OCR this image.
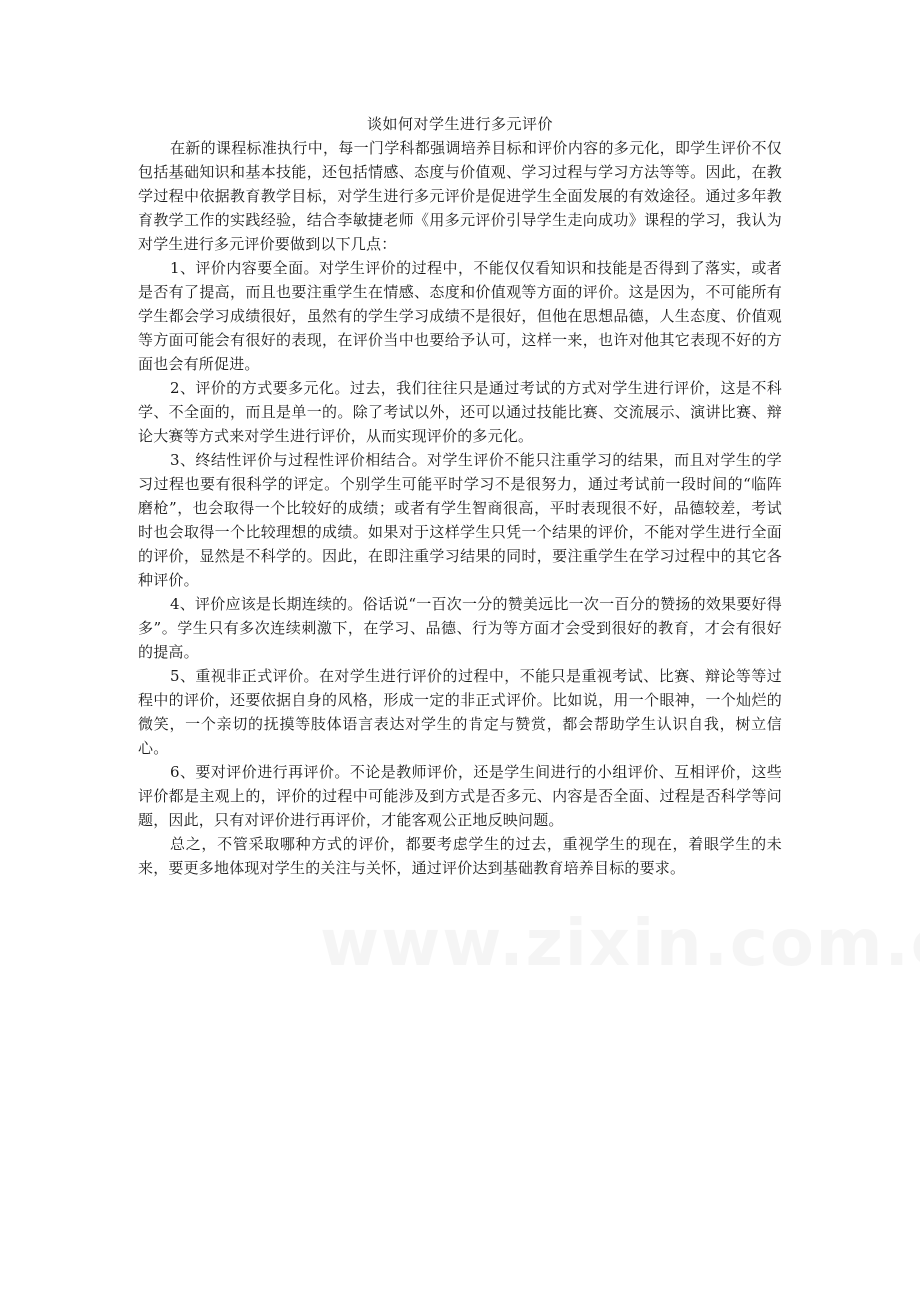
谈如何对学生进行多元评价

在新的课程标准执行中，每一门学科都强调培养目标和评价内容的多元化，即学生评价不仅包括基础知识和基本技能，还包括情感、态度与价值观、学习过程与学习方法等等。因此，在教学过程中依据教育教学目标，对学生进行多元评价是促进学生全面发展的有效途径。通过多年教育教学工作的实践经验，结合李敏捷老师《用多元评价引导学生走向成功》课程的学习，我认为对学生进行多元评价要做到以下几点：

1、评价内容要全面。对学生评价的过程中，不能仅仅看知识和技能是否得到了落实，或者是否有了提高，而且也要注重学生在情感、态度和价值观等方面的评价。这是因为，不可能所有学生都会学习成绩很好，虽然有的学生学习成绩不是很好，但他在思想品德，人生态度、价值观等方面可能会有很好的表现，在评价当中也要给予认可，这样一来，也许对他其它表现不好的方面也会有所促进。

2、评价的方式要多元化。过去，我们往往只是通过考试的方式对学生进行评价，这是不科学、不全面的，而且是单一的。除了考试以外，还可以通过技能比赛、交流展示、演讲比赛、辩论大赛等方式来对学生进行评价，从而实现评价的多元化。

3、终结性评价与过程性评价相结合。对学生评价不能只注重学习的结果，而且对学生的学习过程也要有很科学的评定。个别学生可能平时学习不是很努力，通过考试前一段时间的“临阵磨枪”，也会取得一个比较好的成绩；或者有学生智商很高，平时表现很不好，品德较差，考试时也会取得一个比较理想的成绩。如果对于这样学生只凭一个结果的评价，不能对学生进行全面的评价，显然是不科学的。因此，在即注重学习结果的同时，要注重学生在学习过程中的其它各种评价。

4、评价应该是长期连续的。俗话说“一百次一分的赞美远比一次一百分的赞扬的效果要好得多”。学生只有多次连续刺激下，在学习、品德、行为等方面才会受到很好的教育，才会有很好的提高。

5、重视非正式评价。在对学生进行评价的过程中，不能只是重视考试、比赛、辩论等等过程中的评价，还要依据自身的风格，形成一定的非正式评价。比如说，用一个眼神，一个灿烂的微笑，一个亲切的抚摸等肢体语言表达对学生的肯定与赞赏，都会帮助学生认识自我，树立信心。

6、要对评价进行再评价。不论是教师评价，还是学生间进行的小组评价、互相评价，这些评价都是主观上的，评价的过程中可能涉及到方式是否多元、内容是否全面、过程是否科学等问题，因此，只有对评价进行再评价，才能客观公正地反映问题。

总之，不管采取哪种方式的评价，都要考虑学生的过去，重视学生的现在，着眼学生的未来，要更多地体现对学生的关注与关怀，通过评价达到基础教育培养目标的要求。
